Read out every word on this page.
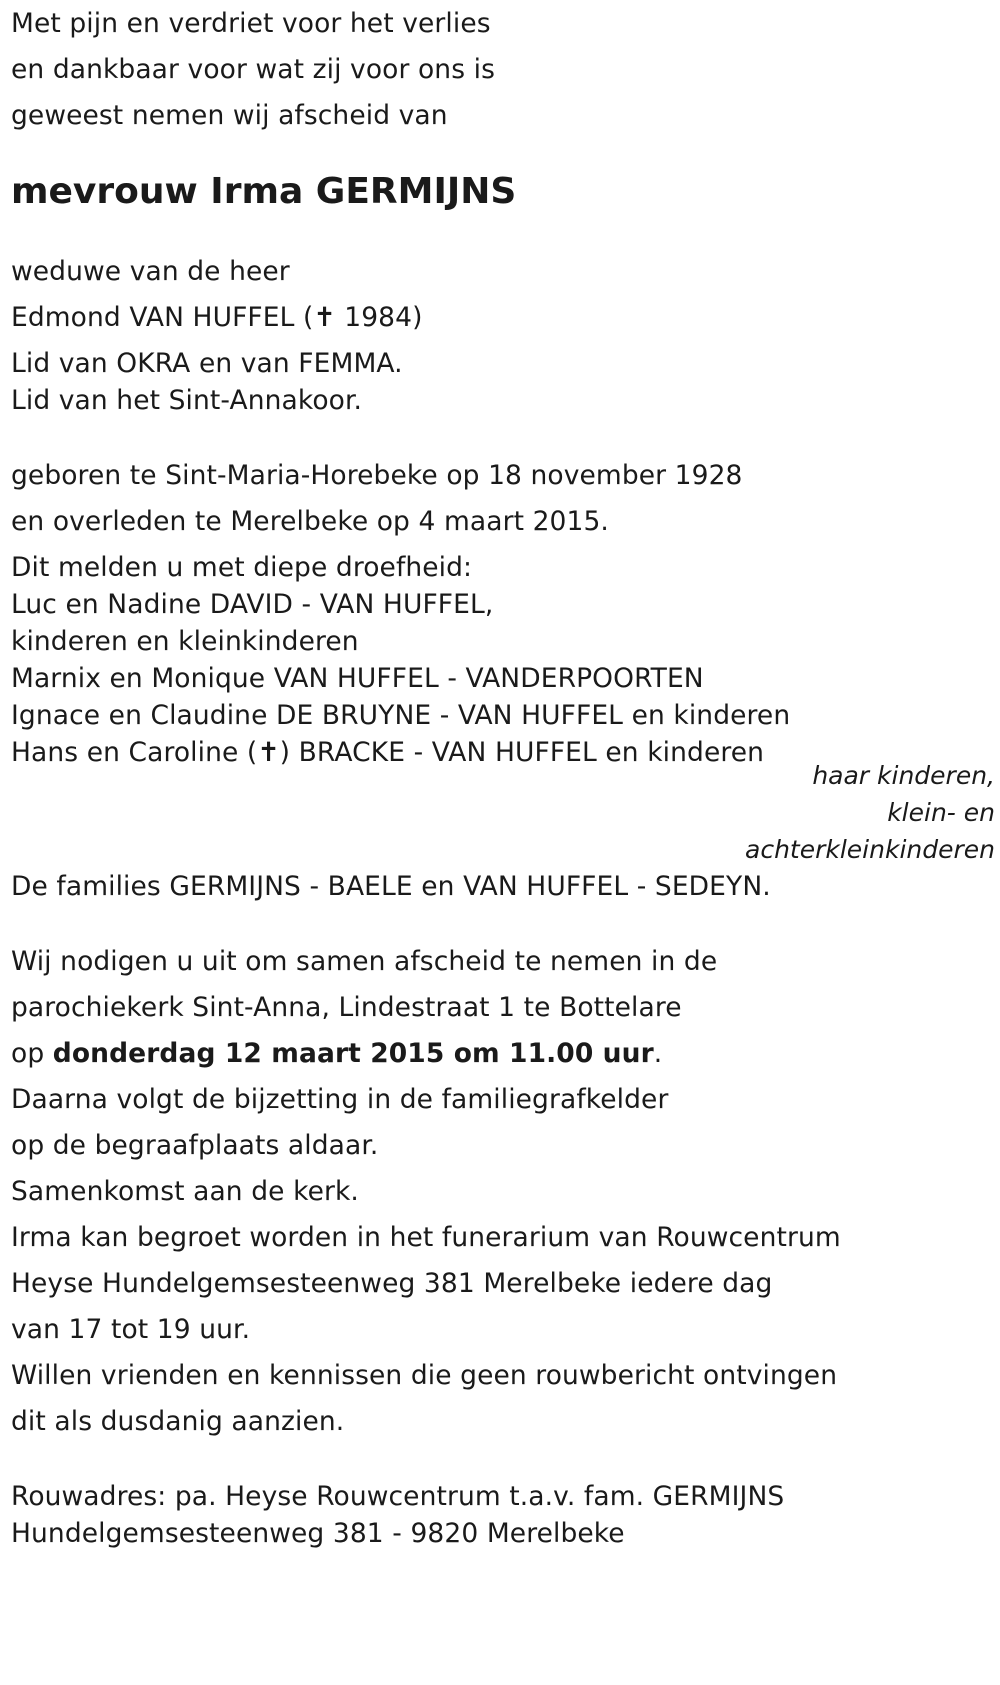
Met pijn en verdriet voor het verlies
en dankbaar voor wat zij voor ons is
geweest nemen wij afscheid van
mevrouw Irma GERMIJNS
weduwe van de heer
Edmond VAN HUFFEL (✝ 1984)
Lid van OKRA en van FEMMA.
Lid van het Sint-Annakoor.
geboren te Sint-Maria-Horebeke op 18 november 1928
en overleden te Merelbeke op 4 maart 2015.
Dit melden u met diepe droefheid:
Luc en Nadine DAVID - VAN HUFFEL,
kinderen en kleinkinderen
Marnix en Monique VAN HUFFEL - VANDERPOORTEN
Ignace en Claudine DE BRUYNE - VAN HUFFEL en kinderen
Hans en Caroline (✝) BRACKE - VAN HUFFEL en kinderen
haar kinderen,
klein- en
achterkleinkinderen
De families GERMIJNS - BAELE en VAN HUFFEL - SEDEYN.
Wij nodigen u uit om samen afscheid te nemen in de
parochiekerk Sint-Anna, Lindestraat 1 te Bottelare
op donderdag 12 maart 2015 om 11.00 uur.
Daarna volgt de bijzetting in de familiegrafkelder
op de begraafplaats aldaar.
Samenkomst aan de kerk.
Irma kan begroet worden in het funerarium van Rouwcentrum
Heyse Hundelgemsesteenweg 381 Merelbeke iedere dag
van 17 tot 19 uur.
Willen vrienden en kennissen die geen rouwbericht ontvingen
dit als dusdanig aanzien.
Rouwadres: pa. Heyse Rouwcentrum t.a.v. fam. GERMIJNS
Hundelgemsesteenweg 381 - 9820 Merelbeke
